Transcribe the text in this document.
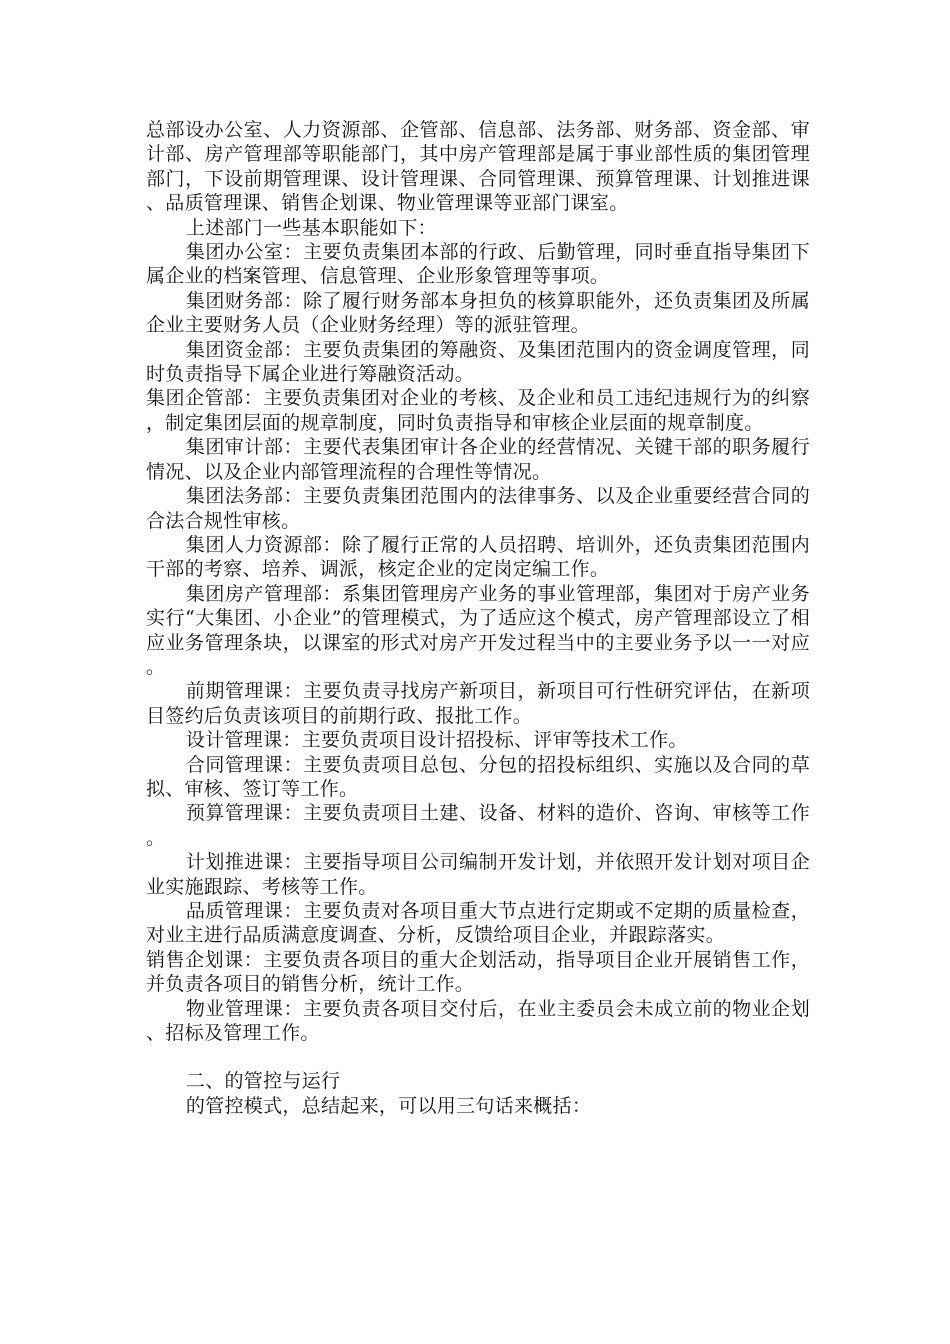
总部设办公室、人力资源部、企管部、信息部、法务部、财务部、资金部、审计部、房产管理部等职能部门，其中房产管理部是属于事业部性质的集团管理部门，下设前期管理课、设计管理课、合同管理课、预算管理课、计划推进课、品质管理课、销售企划课、物业管理课等亚部门课室。

上述部门一些基本职能如下：

集团办公室：主要负责集团本部的行政、后勤管理，同时垂直指导集团下属企业的档案管理、信息管理、企业形象管理等事项。

集团财务部：除了履行财务部本身担负的核算职能外，还负责集团及所属企业主要财务人员（企业财务经理）等的派驻管理。

集团资金部：主要负责集团的筹融资、及集团范围内的资金调度管理，同时负责指导下属企业进行筹融资活动。

集团企管部：主要负责集团对企业的考核、及企业和员工违纪违规行为的纠察，制定集团层面的规章制度，同时负责指导和审核企业层面的规章制度。

集团审计部：主要代表集团审计各企业的经营情况、关键干部的职务履行情况、以及企业内部管理流程的合理性等情况。

集团法务部：主要负责集团范围内的法律事务、以及企业重要经营合同的合法合规性审核。

集团人力资源部：除了履行正常的人员招聘、培训外，还负责集团范围内干部的考察、培养、调派，核定企业的定岗定编工作。

集团房产管理部：系集团管理房产业务的事业管理部，集团对于房产业务实行“大集团、小企业”的管理模式，为了适应这个模式，房产管理部设立了相应业务管理条块，以课室的形式对房产开发过程当中的主要业务予以一一对应。

前期管理课：主要负责寻找房产新项目，新项目可行性研究评估，在新项目签约后负责该项目的前期行政、报批工作。

设计管理课：主要负责项目设计招投标、评审等技术工作。

合同管理课：主要负责项目总包、分包的招投标组织、实施以及合同的草拟、审核、签订等工作。

预算管理课：主要负责项目土建、设备、材料的造价、咨询、审核等工作。

计划推进课：主要指导项目公司编制开发计划，并依照开发计划对项目企业实施跟踪、考核等工作。

品质管理课：主要负责对各项目重大节点进行定期或不定期的质量检查，对业主进行品质满意度调查、分析，反馈给项目企业，并跟踪落实。

销售企划课：主要负责各项目的重大企划活动，指导项目企业开展销售工作，并负责各项目的销售分析，统计工作。

物业管理课：主要负责各项目交付后，在业主委员会未成立前的物业企划、招标及管理工作。

二、的管控与运行

的管控模式，总结起来，可以用三句话来概括：
